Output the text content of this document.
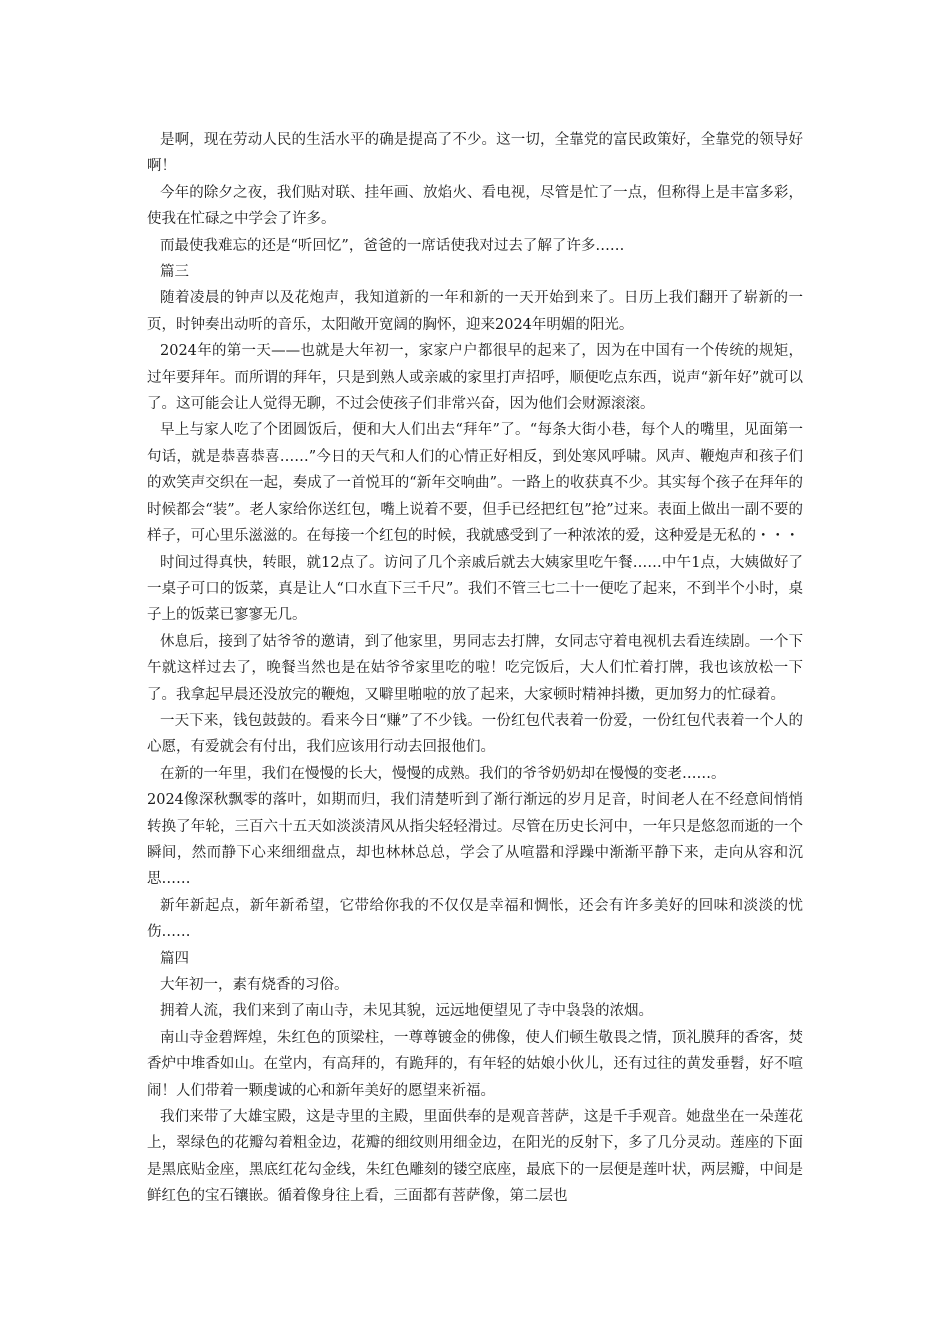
是啊，现在劳动人民的生活水平的确是提高了不少。这一切，全靠党的富民政策好，全靠党的领导好啊！

今年的除夕之夜，我们贴对联、挂年画、放焰火、看电视，尽管是忙了一点，但称得上是丰富多彩，使我在忙碌之中学会了许多。

而最使我难忘的还是“听回忆”，爸爸的一席话使我对过去了解了许多……

篇三

随着凌晨的钟声以及花炮声，我知道新的一年和新的一天开始到来了。日历上我们翻开了崭新的一页，时钟奏出动听的音乐，太阳敞开宽阔的胸怀，迎来2024年明媚的阳光。

2024年的第一天——也就是大年初一，家家户户都很早的起来了，因为在中国有一个传统的规矩，过年要拜年。而所谓的拜年，只是到熟人或亲戚的家里打声招呼，顺便吃点东西，说声“新年好”就可以了。这可能会让人觉得无聊，不过会使孩子们非常兴奋，因为他们会财源滚滚。

早上与家人吃了个团圆饭后，便和大人们出去“拜年”了。“每条大街小巷，每个人的嘴里，见面第一句话，就是恭喜恭喜……”今日的天气和人们的心情正好相反，到处寒风呼啸。风声、鞭炮声和孩子们的欢笑声交织在一起，奏成了一首悦耳的“新年交响曲”。一路上的收获真不少。其实每个孩子在拜年的时候都会“装”。老人家给你送红包，嘴上说着不要，但手已经把红包”抢”过来。表面上做出一副不要的样子，可心里乐滋滋的。在每接一个红包的时候，我就感受到了一种浓浓的爱，这种爱是无私的・・・

时间过得真快，转眼，就12点了。访问了几个亲戚后就去大姨家里吃午餐……中午1点，大姨做好了一桌子可口的饭菜，真是让人“口水直下三千尺”。我们不管三七二十一便吃了起来，不到半个小时，桌子上的饭菜已寥寥无几。

休息后，接到了姑爷爷的邀请，到了他家里，男同志去打牌，女同志守着电视机去看连续剧。一个下午就这样过去了，晚餐当然也是在姑爷爷家里吃的啦！吃完饭后，大人们忙着打牌，我也该放松一下了。我拿起早晨还没放完的鞭炮，又噼里啪啦的放了起来，大家顿时精神抖擞，更加努力的忙碌着。

一天下来，钱包鼓鼓的。看来今日“赚”了不少钱。一份红包代表着一份爱，一份红包代表着一个人的心愿，有爱就会有付出，我们应该用行动去回报他们。

在新的一年里，我们在慢慢的长大，慢慢的成熟。我们的爷爷奶奶却在慢慢的变老……。

2024像深秋飘零的落叶，如期而归，我们清楚听到了渐行渐远的岁月足音，时间老人在不经意间悄悄转换了年轮，三百六十五天如淡淡清风从指尖轻轻滑过。尽管在历史长河中，一年只是悠忽而逝的一个瞬间，然而静下心来细细盘点，却也林林总总，学会了从喧嚣和浮躁中渐渐平静下来，走向从容和沉思……

新年新起点，新年新希望，它带给你我的不仅仅是幸福和惆怅，还会有许多美好的回味和淡淡的忧伤……

篇四

大年初一，素有烧香的习俗。

拥着人流，我们来到了南山寺，未见其貌，远远地便望见了寺中袅袅的浓烟。

南山寺金碧辉煌，朱红色的顶梁柱，一尊尊镀金的佛像，使人们顿生敬畏之情，顶礼膜拜的香客，焚香炉中堆香如山。在堂内，有高拜的，有跪拜的，有年轻的姑娘小伙儿，还有过往的黄发垂髫，好不喧闹！人们带着一颗虔诚的心和新年美好的愿望来祈福。

我们来带了大雄宝殿，这是寺里的主殿，里面供奉的是观音菩萨，这是千手观音。她盘坐在一朵莲花上，翠绿色的花瓣勾着粗金边，花瓣的细纹则用细金边，在阳光的反射下，多了几分灵动。莲座的下面是黑底贴金座，黑底红花勾金线，朱红色雕刻的镂空底座，最底下的一层便是莲叶状，两层瓣，中间是鲜红色的宝石镶嵌。循着像身往上看，三面都有菩萨像，第二层也
